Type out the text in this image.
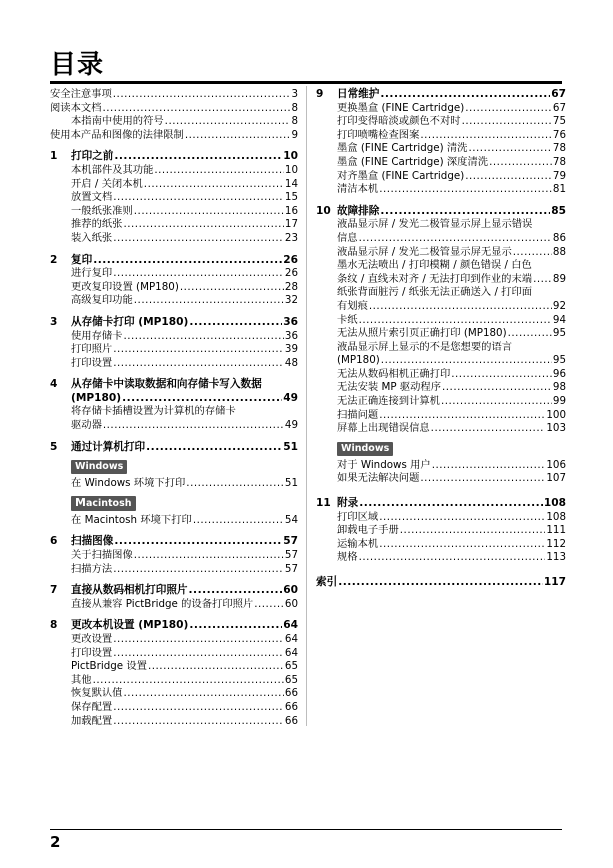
目录
安全注意事项 .....	3
阅读本文档 .....	8
本指南中使用的符号 .....	8
使用本产品和图像的法律限制 .....	9
1	打印之前 .....	10
本机部件及其功能 .....	10
开启 / 关闭本机 .....	14
放置文档 .....	15
一般纸张准则 .....	16
推荐的纸张 .....	17
装入纸张 .....	23
2	复印 .....	26
进行复印 .....	26
更改复印设置 (MP180) .....	28
高级复印功能 .....	32
3	从存储卡打印 (MP180) .....	36
使用存储卡 .....	36
打印照片 .....	39
打印设置 .....	48
4	从存储卡中读取数据和向存储卡写入数据
(MP180) .....	49
将存储卡插槽设置为计算机的存储卡
驱动器 .....	49
5	通过计算机打印 .....	51
Windows
在 Windows 环境下打印 .....	51
Macintosh
在 Macintosh 环境下打印 .....	54
6	扫描图像 .....	57
关于扫描图像 .....	57
扫描方法 .....	57
7	直接从数码相机打印照片 .....	60
直接从兼容 PictBridge 的设备打印照片 .....	60
8	更改本机设置 (MP180) .....	64
更改设置 .....	64
打印设置 .....	64
PictBridge 设置 .....	65
其他 .....	65
恢复默认值 .....	66
保存配置 .....	66
加载配置 .....	66
9	日常维护 .....	67
更换墨盒 (FINE Cartridge) .....	67
打印变得暗淡或颜色不对时 .....	75
打印喷嘴检查图案 .....	76
墨盒 (FINE Cartridge) 清洗 .....	78
墨盒 (FINE Cartridge) 深度清洗 .....	78
对齐墨盒 (FINE Cartridge) .....	79
清洁本机 .....	81
10 故障排除 .....	85
液晶显示屏 / 发光二极管显示屏上显示错误
信息 .....	86
液晶显示屏 / 发光二极管显示屏无显示 .....	88
墨水无法喷出 / 打印模糊 / 颜色错误 / 白色
条纹 / 直线未对齐 / 无法打印到作业的末端 ..... 89
纸张背面脏污 / 纸张无法正确送入 / 打印面
有划痕 .....	92
卡纸 .....	94
无法从照片索引页正确打印 (MP180) .....	95
液晶显示屏上显示的不是您想要的语言
(MP180) .....	95
无法从数码相机正确打印 .....	96
无法安装 MP 驱动程序 .....	98
无法正确连接到计算机 .....	99
扫描问题 .....	100
屏幕上出现错误信息 .....	103
Windows
对于 Windows 用户 .....	106
如果无法解决问题 .....	107
11 附录 .....	108
打印区域 .....	108
卸载电子手册 .....	111
运输本机 .....	112
规格 .....	113
索引 .....	117
2
